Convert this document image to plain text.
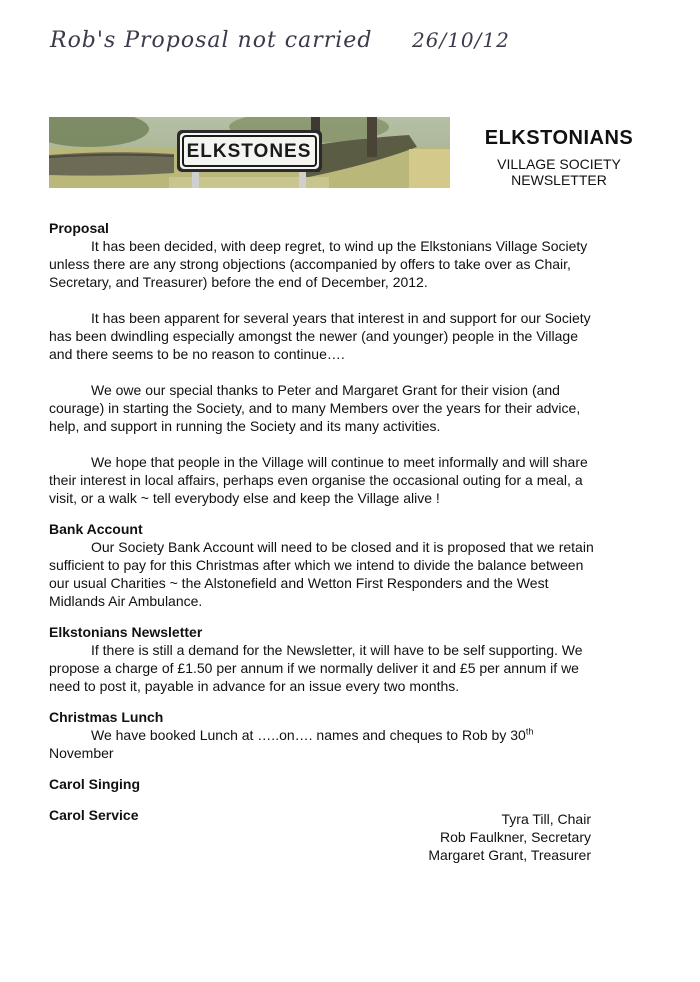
Rob's Proposal not carried 26/10/12
ELKSTONES
ELKSTONIANS
VILLAGE SOCIETY
NEWSLETTER
Proposal

It has been decided, with deep regret, to wind up the Elkstonians Village Society unless there are any strong objections (accompanied by offers to take over as Chair, Secretary, and Treasurer) before the end of December, 2012.

It has been apparent for several years that interest in and support for our Society has been dwindling especially amongst the newer (and younger) people in the Village and there seems to be no reason to continue….

We owe our special thanks to Peter and Margaret Grant for their vision (and courage) in starting the Society, and to many Members over the years for their advice, help, and support in running the Society and its many activities.

We hope that people in the Village will continue to meet informally and will share their interest in local affairs, perhaps even organise the occasional outing for a meal, a visit, or a walk ~ tell everybody else and keep the Village alive !

Bank Account

Our Society Bank Account will need to be closed and it is proposed that we retain sufficient to pay for this Christmas after which we intend to divide the balance between our usual Charities ~ the Alstonefield and Wetton First Responders and the West Midlands Air Ambulance.

Elkstonians Newsletter

If there is still a demand for the Newsletter, it will have to be self supporting. We propose a charge of £1.50 per annum if we normally deliver it and £5 per annum if we need to post it, payable in advance for an issue every two months.

Christmas Lunch

We have booked Lunch at …..on…. names and cheques to Rob by 30th November

Carol Singing
Carol Service	Tyra Till, Chair
Rob Faulkner, Secretary
Margaret Grant, Treasurer
